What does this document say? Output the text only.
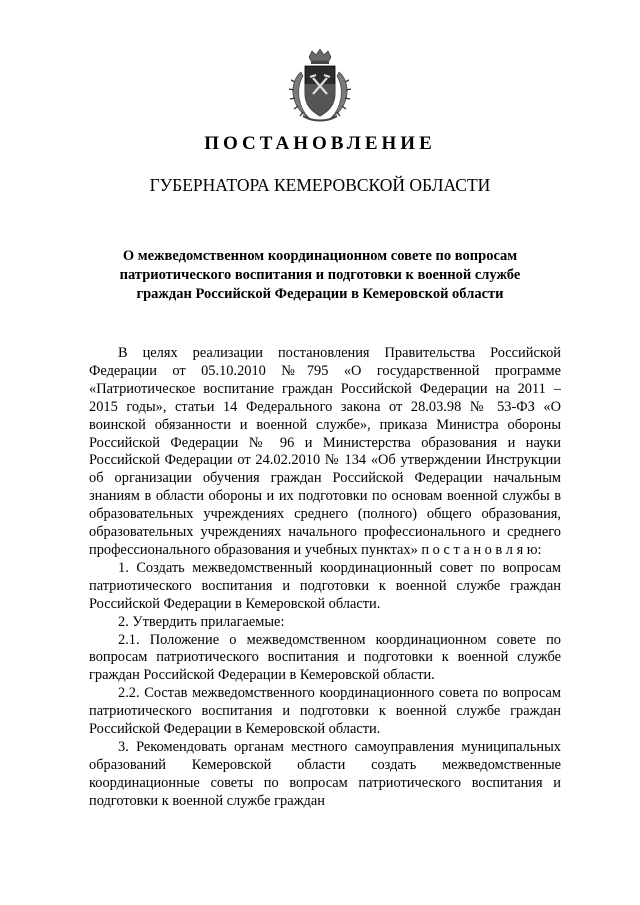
ПОСТАНОВЛЕНИЕ
ГУБЕРНАТОРА КЕМЕРОВСКОЙ ОБЛАСТИ
О межведомственном координационном совете по вопросам
патриотического воспитания и подготовки к военной службе
граждан Российской Федерации в Кемеровской области

В целях реализации постановления Правительства Российской Федерации от 05.10.2010 №795 «О государственной программе «Патриотическое воспитание граждан Российской Федерации на 2011 – 2015 годы», статьи 14 Федерального закона от 28.03.98 № 53-ФЗ «О воинской обязанности и военной службе», приказа Министра обороны Российской Федерации № 96 и Министерства образования и науки Российской Федерации от 24.02.2010 № 134 «Об утверждении Инструкции об организации обучения граждан Российской Федерации начальным знаниям в области обороны и их подготовки по основам военной службы в образовательных учреждениях среднего (полного) общего образования, образовательных учреждениях начального профессионального и среднего профессионального образования и учебных пунктах» п о с т а н о в л я ю:

1. Создать межведомственный координационный совет по вопросам патриотического воспитания и подготовки к военной службе граждан Российской Федерации в Кемеровской области.

2. Утвердить прилагаемые:

2.1. Положение о межведомственном координационном совете по вопросам патриотического воспитания и подготовки к военной службе граждан Российской Федерации в Кемеровской области.

2.2. Состав межведомственного координационного совета по вопросам патриотического воспитания и подготовки к военной службе граждан Российской Федерации в Кемеровской области.

3. Рекомендовать органам местного самоуправления муниципальных образований Кемеровской области создать межведомственные координационные советы по вопросам патриотического воспитания и подготовки к военной службе граждан
